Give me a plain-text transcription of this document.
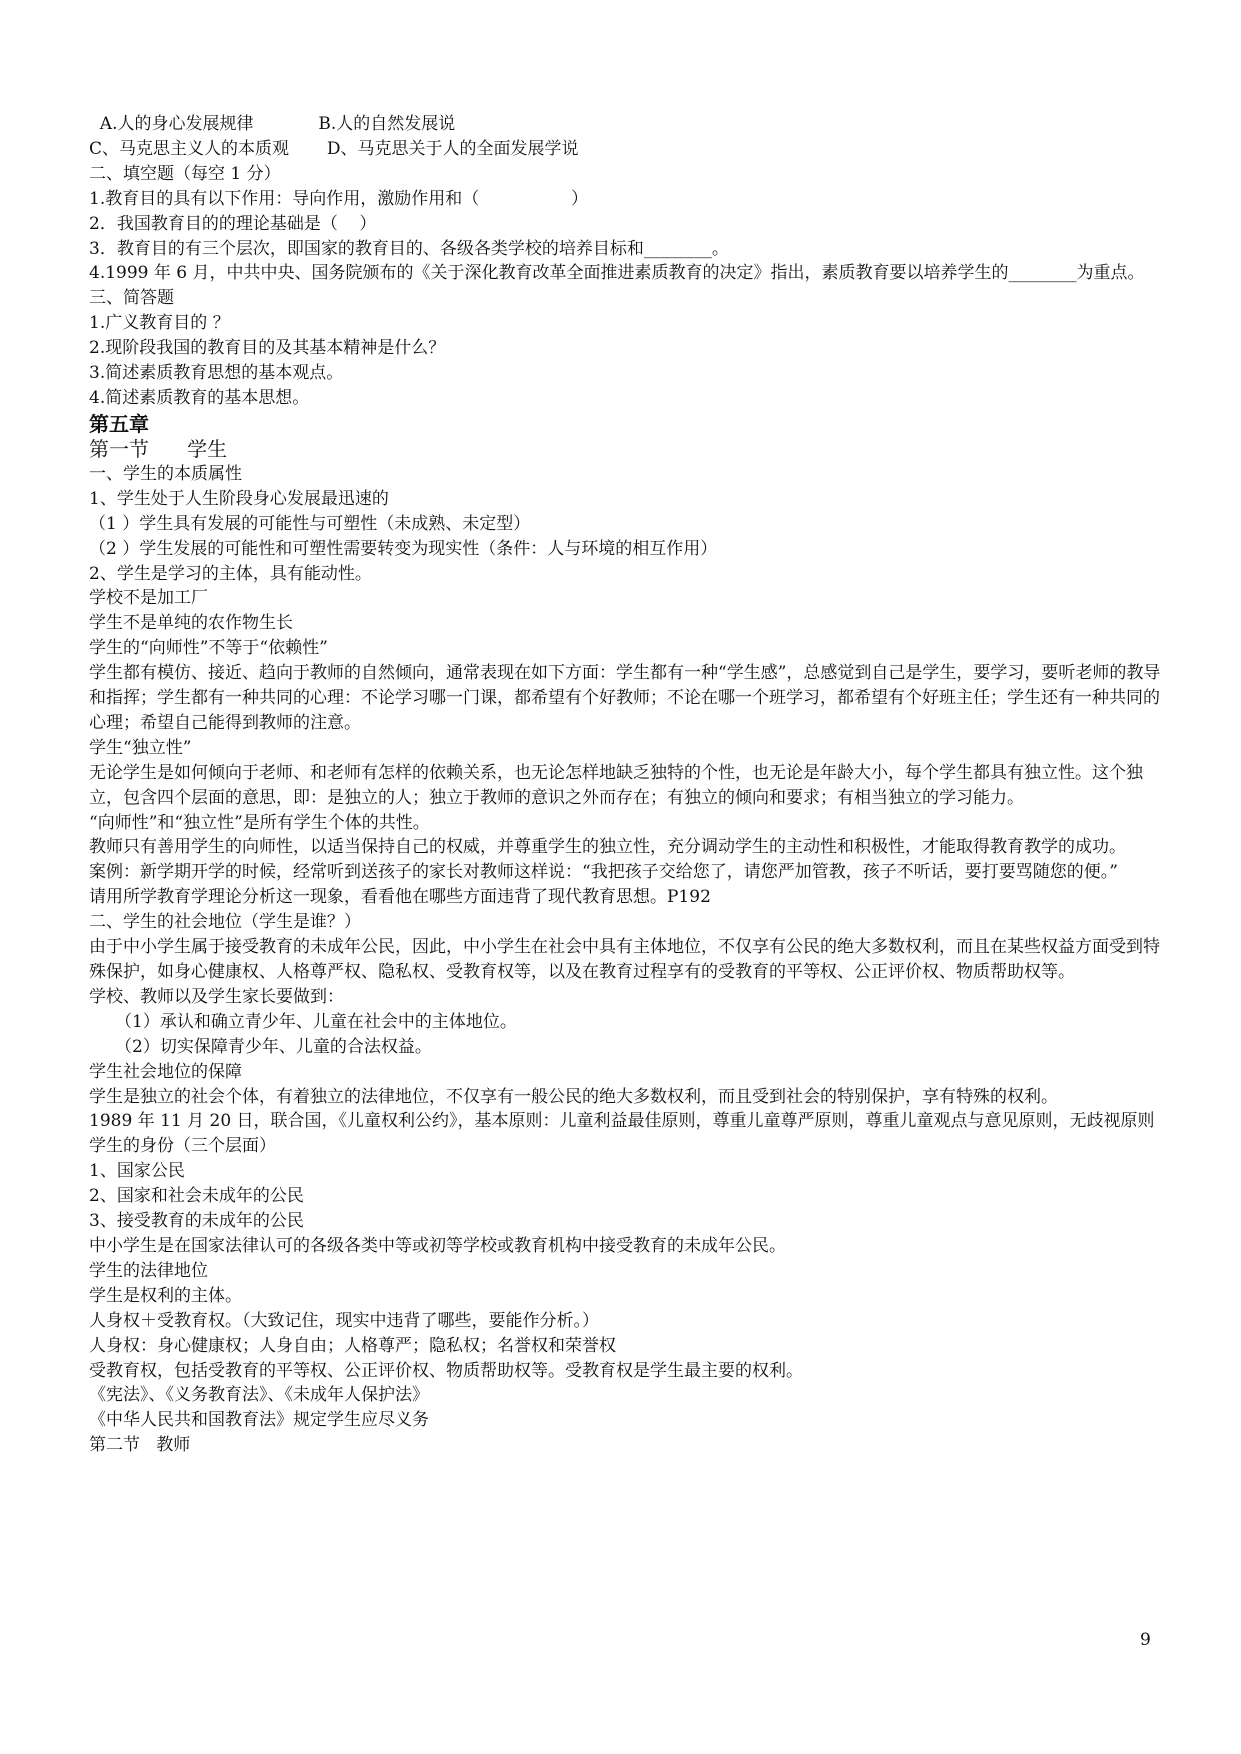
A.人的身心发展规律            B.人的自然发展说

C、马克思主义人的本质观       D、马克思关于人的全面发展学说

二、填空题（每空 1 分）

1.教育目的具有以下作用：导向作用，激励作用和（                 ）

2．我国教育目的的理论基础是（    ）

3．教育目的有三个层次，即国家的教育目的、各级各类学校的培养目标和________。

4.1999 年 6 月，中共中央、国务院颁布的《关于深化教育改革全面推进素质教育的决定》指出，素质教育要以培养学生的________为重点。

三、简答题

1.广义教育目的 ？

2.现阶段我国的教育目的及其基本精神是什么？

3.简述素质教育思想的基本观点。

4.简述素质教育的基本思想。

第五章

第一节      学生

一、学生的本质属性

1、学生处于人生阶段身心发展最迅速的

（1 ）学生具有发展的可能性与可塑性（未成熟、未定型）

（2 ）学生发展的可能性和可塑性需要转变为现实性（条件：人与环境的相互作用）

2、学生是学习的主体，具有能动性。

学校不是加工厂

学生不是单纯的农作物生长

学生的“向师性”不等于“依赖性”

学生都有模仿、接近、趋向于教师的自然倾向，通常表现在如下方面：学生都有一种“学生感”，总感觉到自己是学生，要学习，要听老师的教导和指挥；学生都有一种共同的心理：不论学习哪一门课，都希望有个好教师；不论在哪一个班学习，都希望有个好班主任；学生还有一种共同的心理；希望自己能得到教师的注意。

学生“独立性”

无论学生是如何倾向于老师、和老师有怎样的依赖关系，也无论怎样地缺乏独特的个性，也无论是年龄大小，每个学生都具有独立性。这个独立，包含四个层面的意思，即：是独立的人；独立于教师的意识之外而存在；有独立的倾向和要求；有相当独立的学习能力。

“向师性”和“独立性”是所有学生个体的共性。

教师只有善用学生的向师性，以适当保持自己的权威，并尊重学生的独立性，充分调动学生的主动性和积极性，才能取得教育教学的成功。

案例：新学期开学的时候，经常听到送孩子的家长对教师这样说：“我把孩子交给您了，请您严加管教，孩子不听话，要打要骂随您的便。”

请用所学教育学理论分析这一现象，看看他在哪些方面违背了现代教育思想。P192

二、学生的社会地位（学生是谁？）

由于中小学生属于接受教育的未成年公民，因此，中小学生在社会中具有主体地位，不仅享有公民的绝大多数权利，而且在某些权益方面受到特殊保护，如身心健康权、人格尊严权、隐私权、受教育权等，以及在教育过程享有的受教育的平等权、公正评价权、物质帮助权等。

学校、教师以及学生家长要做到：

（1）承认和确立青少年、儿童在社会中的主体地位。

（2）切实保障青少年、儿童的合法权益。

学生社会地位的保障

学生是独立的社会个体，有着独立的法律地位，不仅享有一般公民的绝大多数权利，而且受到社会的特别保护，享有特殊的权利。

1989 年 11 月 20 日，联合国，《儿童权利公约》，基本原则：儿童利益最佳原则，尊重儿童尊严原则，尊重儿童观点与意见原则，无歧视原则

学生的身份（三个层面）

1、国家公民

2、国家和社会未成年的公民

3、接受教育的未成年的公民

中小学生是在国家法律认可的各级各类中等或初等学校或教育机构中接受教育的未成年公民。

学生的法律地位

学生是权利的主体。

人身权＋受教育权。（大致记住，现实中违背了哪些，要能作分析。）

人身权：身心健康权；人身自由；人格尊严；隐私权；名誉权和荣誉权

受教育权，包括受教育的平等权、公正评价权、物质帮助权等。受教育权是学生最主要的权利。

《宪法》、《义务教育法》、《未成年人保护法》

《中华人民共和国教育法》规定学生应尽义务

第二节   教师

9
